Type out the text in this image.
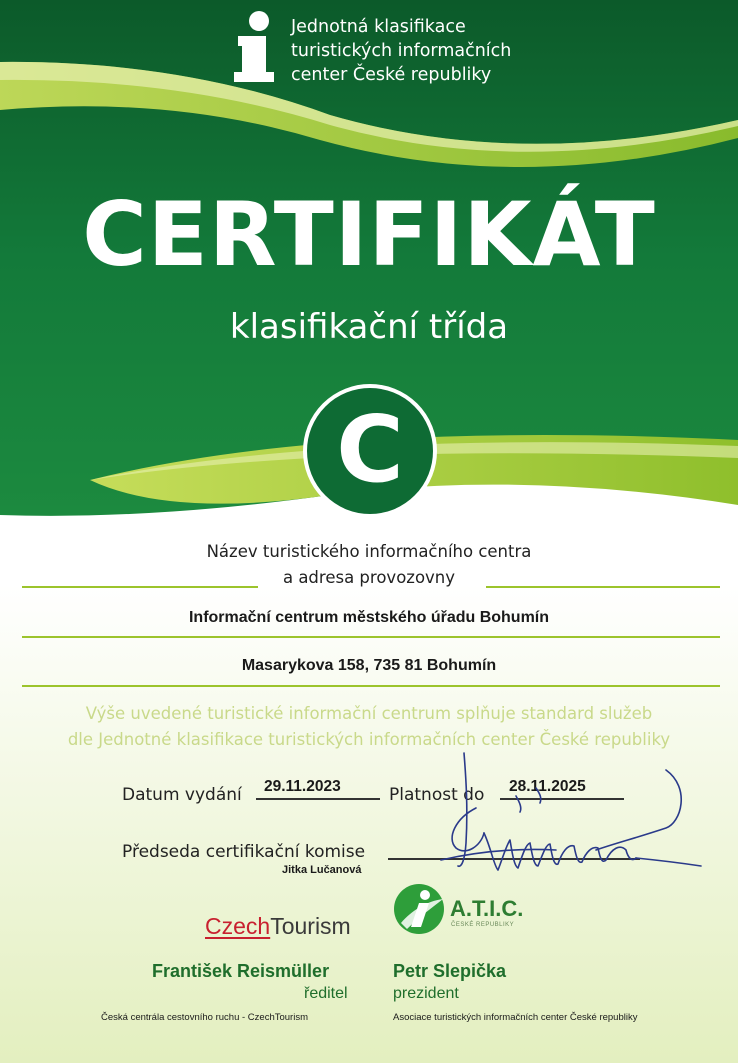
Jednotná klasifikace
turistických informačních
center České republiky
CERTIFIKÁT
klasifikační třída
C
Název turistického informačního centra
a adresa provozovny
Informační centrum městského úřadu Bohumín
Masarykova 158, 735 81 Bohumín
Výše uvedené turistické informační centrum splňuje standard služeb
dle Jednotné klasifikace turistických informačních center České republiky
Datum vydání 29.11.2023	Platnost do 28.11.2025
Předseda certifikační komise
Jitka Lučanová
CzechTourism
A.T.I.C.
ČESKÉ REPUBLIKY
František Reismüller
ředitel
Česká centrála cestovního ruchu - CzechTourism
Petr Slepička
prezident
Asociace turistických informačních center České republiky
